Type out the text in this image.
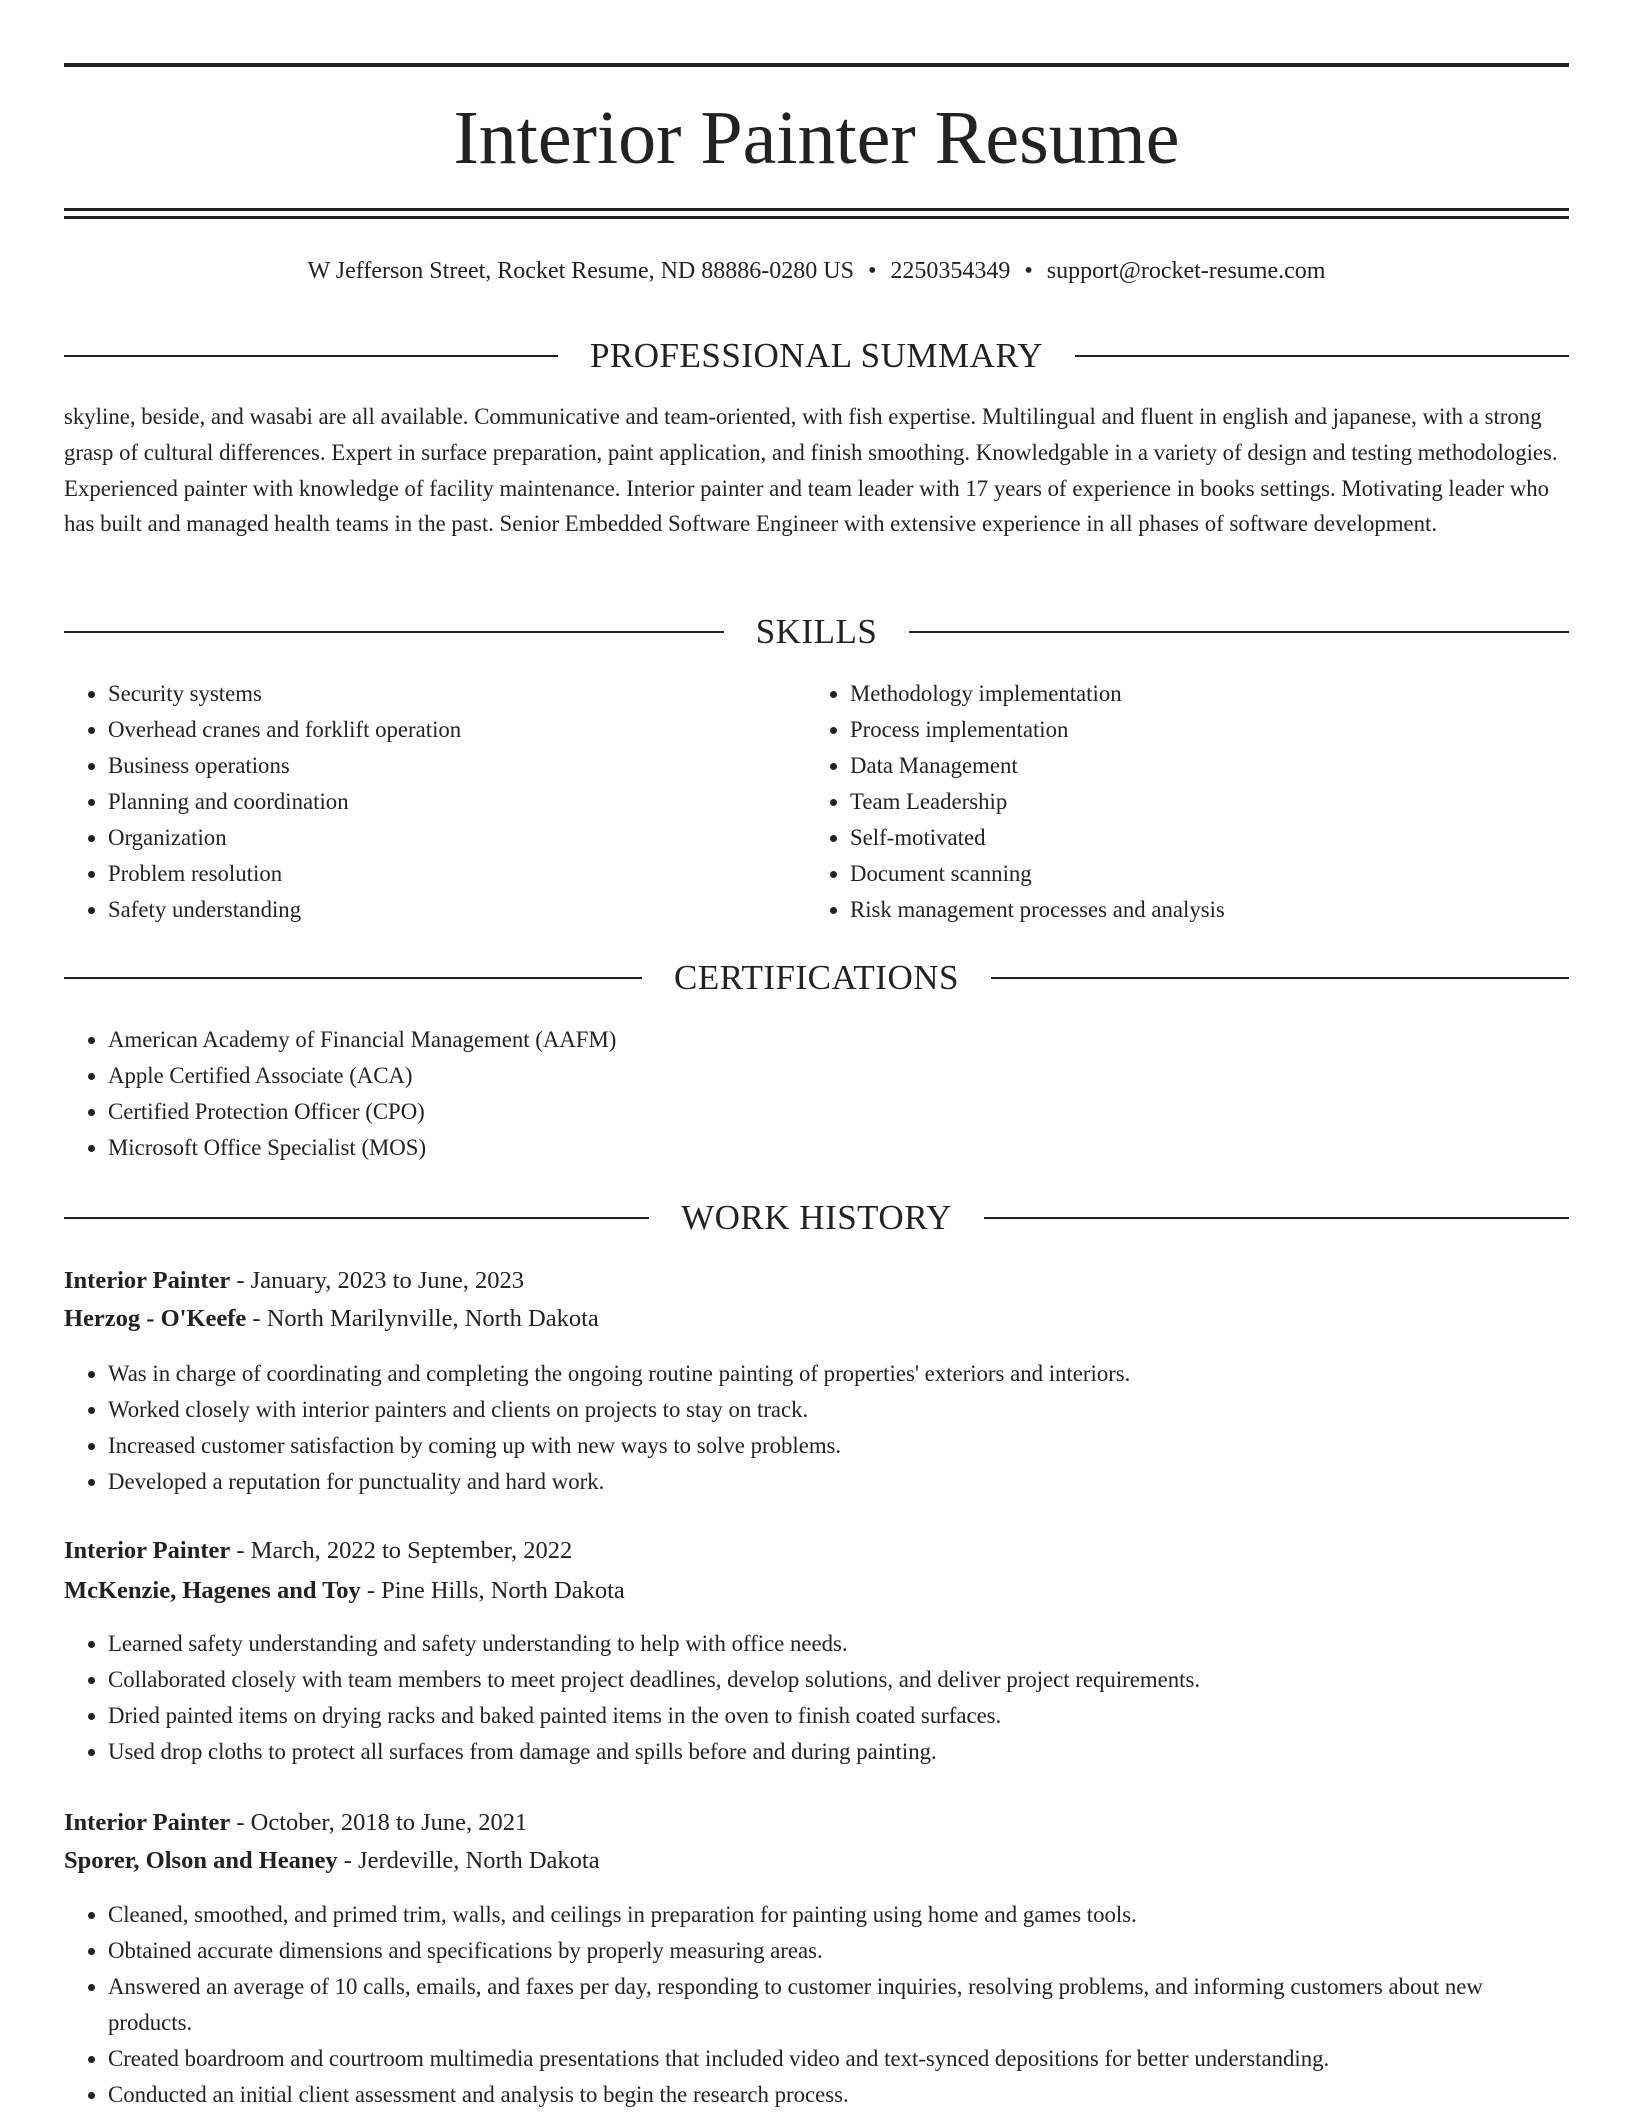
Interior Painter Resume
W Jefferson Street, Rocket Resume, ND 88886-0280 US • 2250354349 • support@rocket-resume.com
PROFESSIONAL SUMMARY

skyline, beside, and wasabi are all available. Communicative and team-oriented, with fish expertise. Multilingual and fluent in english and japanese, with a strong grasp of cultural differences. Expert in surface preparation, paint application, and finish smoothing. Knowledgable in a variety of design and testing methodologies. Experienced painter with knowledge of facility maintenance. Interior painter and team leader with 17 years of experience in books settings. Motivating leader who has built and managed health teams in the past. Senior Embedded Software Engineer with extensive experience in all phases of software development.

SKILLS
• Security systems
• Overhead cranes and forklift operation
• Business operations
• Planning and coordination
• Organization
• Problem resolution
• Safety understanding
• Methodology implementation
• Process implementation
• Data Management
• Team Leadership
• Self-motivated
• Document scanning
• Risk management processes and analysis
CERTIFICATIONS
• American Academy of Financial Management (AAFM)
• Apple Certified Associate (ACA)
• Certified Protection Officer (CPO)
• Microsoft Office Specialist (MOS)
WORK HISTORY
Interior Painter - January, 2023 to June, 2023
Herzog - O'Keefe - North Marilynville, North Dakota
• Was in charge of coordinating and completing the ongoing routine painting of properties' exteriors and interiors.
• Worked closely with interior painters and clients on projects to stay on track.
• Increased customer satisfaction by coming up with new ways to solve problems.
• Developed a reputation for punctuality and hard work.
Interior Painter - March, 2022 to September, 2022
McKenzie, Hagenes and Toy - Pine Hills, North Dakota
• Learned safety understanding and safety understanding to help with office needs.
• Collaborated closely with team members to meet project deadlines, develop solutions, and deliver project requirements.
• Dried painted items on drying racks and baked painted items in the oven to finish coated surfaces.
• Used drop cloths to protect all surfaces from damage and spills before and during painting.
Interior Painter - October, 2018 to June, 2021
Sporer, Olson and Heaney - Jerdeville, North Dakota
• Cleaned, smoothed, and primed trim, walls, and ceilings in preparation for painting using home and games tools.
• Obtained accurate dimensions and specifications by properly measuring areas.
• Answered an average of 10 calls, emails, and faxes per day, responding to customer inquiries, resolving problems, and informing customers about new products.
• Created boardroom and courtroom multimedia presentations that included video and text-synced depositions for better understanding.
• Conducted an initial client assessment and analysis to begin the research process.
